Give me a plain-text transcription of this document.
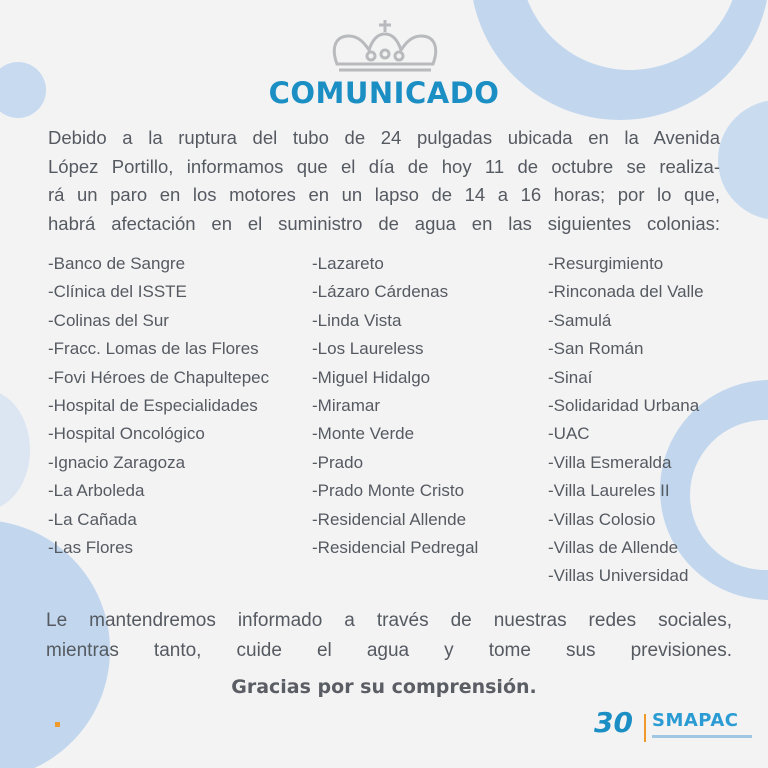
COMUNICADO
Debido a la ruptura del tubo de 24 pulgadas ubicada en la Avenida
López Portillo, informamos que el día de hoy 11 de octubre se realiza-
rá un paro en los motores en un lapso de 14 a 16 horas; por lo que,
habrá afectación en el suministro de agua en las siguientes colonias:
-Banco de Sangre
-Clínica del ISSTE
-Colinas del Sur
-Fracc. Lomas de las Flores
-Fovi Héroes de Chapultepec
-Hospital de Especialidades
-Hospital Oncológico
-Ignacio Zaragoza
-La Arboleda
-La Cañada
-Las Flores
-Lazareto
-Lázaro Cárdenas
-Linda Vista
-Los Laureless
-Miguel Hidalgo
-Miramar
-Monte Verde
-Prado
-Prado Monte Cristo
-Residencial Allende
-Residencial Pedregal
-Resurgimiento
-Rinconada del Valle
-Samulá
-San Román
-Sinaí
-Solidaridad Urbana
-UAC
-Villa Esmeralda
-Villa Laureles II
-Villas Colosio
-Villas de Allende
-Villas Universidad
Le mantendremos informado a través de nuestras redes sociales,
mientras tanto, cuide el agua y tome sus previsiones.
Gracias por su comprensión.
30 SMAPAC
